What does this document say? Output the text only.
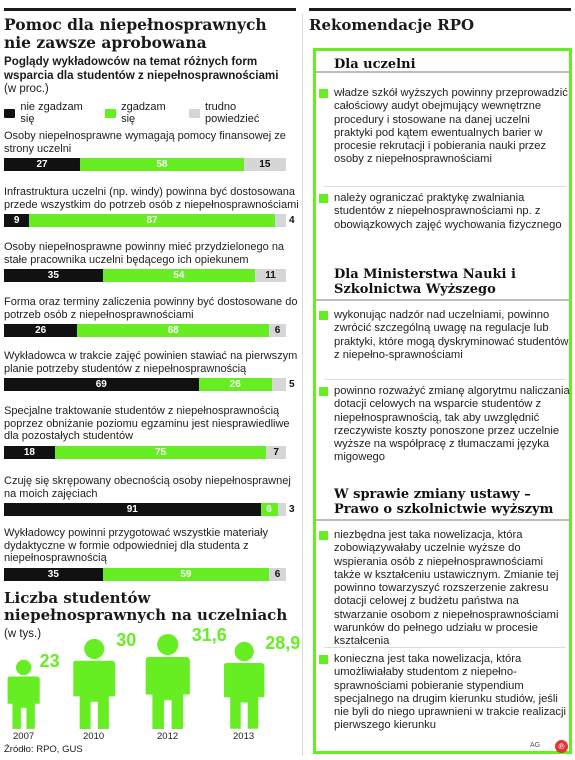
Pomoc dla niepełnosprawnych nie zawsze aprobowana
Poglądy wykładowców na temat różnych form wsparcia dla studentów z niepełnosprawnościami
(w proc.)
nie zgadzam się
zgadzam się
trudno powiedzieć
Osoby niepełnosprawne wymagają pomocy finansowej ze strony uczelni
27	58	15
Infrastruktura uczelni (np. windy) powinna być dostosowana przede wszystkim do potrzeb osób z niepełnosprawnościami
9	87	4
Osoby niepełnosprawne powinny mieć przydzielonego na stałe pracownika uczelni będącego ich opiekunem
35	54	11
Forma oraz terminy zaliczenia powinny być dostosowane do potrzeb osób z niepełnosprawnościami
26	68	6
Wykładowca w trakcie zajęć powinien stawiać na pierwszym planie potrzeby studentów z niepełnosprawnością
69	26	5
Specjalne traktowanie studentów z niepełnosprawnością poprzez obniżanie poziomu egzaminu jest niesprawiedliwe dla pozostałych studentów
18	75	7
Czuję się skrępowany obecnością osoby niepełnosprawnej na moich zajęciach
91	6 3
Wykładowcy powinni przygotować wszystkie materiały dydaktyczne w formie odpowiedniej dla studenta z niepełnosprawnością
35	59	6
Liczba studentów niepełnosprawnych na uczelniach (w tys.)
23
2007
30
2010
31,6
2012
28,9
2013
Źródło: RPO, GUS
Rekomendacje RPO
Dla uczelni
władze szkół wyższych powinny przeprowadzić całościowy audyt obejmujący wewnętrzne procedury i stosowane na danej uczelni praktyki pod kątem ewentualnych barier w procesie rekrutacji i pobierania nauki przez osoby z niepełnosprawnościami
należy ograniczać praktykę zwalniania studentów z niepełnosprawnościami np. z obowiązkowych zajęć wychowania fizycznego
Dla Ministerstwa Nauki i Szkolnictwa Wyższego
wykonując nadzór nad uczelniami, powinno zwrócić szczególną uwagę na regulacje lub praktyki, które mogą dyskryminować studentów z niepełno-sprawnościami
powinno rozważyć zmianę algorytmu naliczania dotacji celowych na wsparcie studentów z niepełnosprawnością, tak aby uwzględnić rzeczywiste koszty ponoszone przez uczelnie wyższe na współpracę z tłumaczami języka migowego
W sprawie zmiany ustawy – Prawo o szkolnictwie wyższym
niezbędna jest taka nowelizacja, która zobowiązywałaby uczelnie wyższe do wspierania osób z niepełnosprawnościami także w kształceniu ustawicznym. Zmianie tej powinno towarzyszyć rozszerzenie zakresu dotacji celowej z budżetu państwa na stwarzanie osobom z niepełnosprawnościami warunków do pełnego udziału w procesie kształcenia
konieczna jest taka nowelizacja, która umożliwiałaby studentom z niepełno-sprawnościami pobieranie stypendium specjalnego na drugim kierunku studiów, jeśli nie byli do niego uprawnieni w trakcie realizacji pierwszego kierunku
AG	℗
